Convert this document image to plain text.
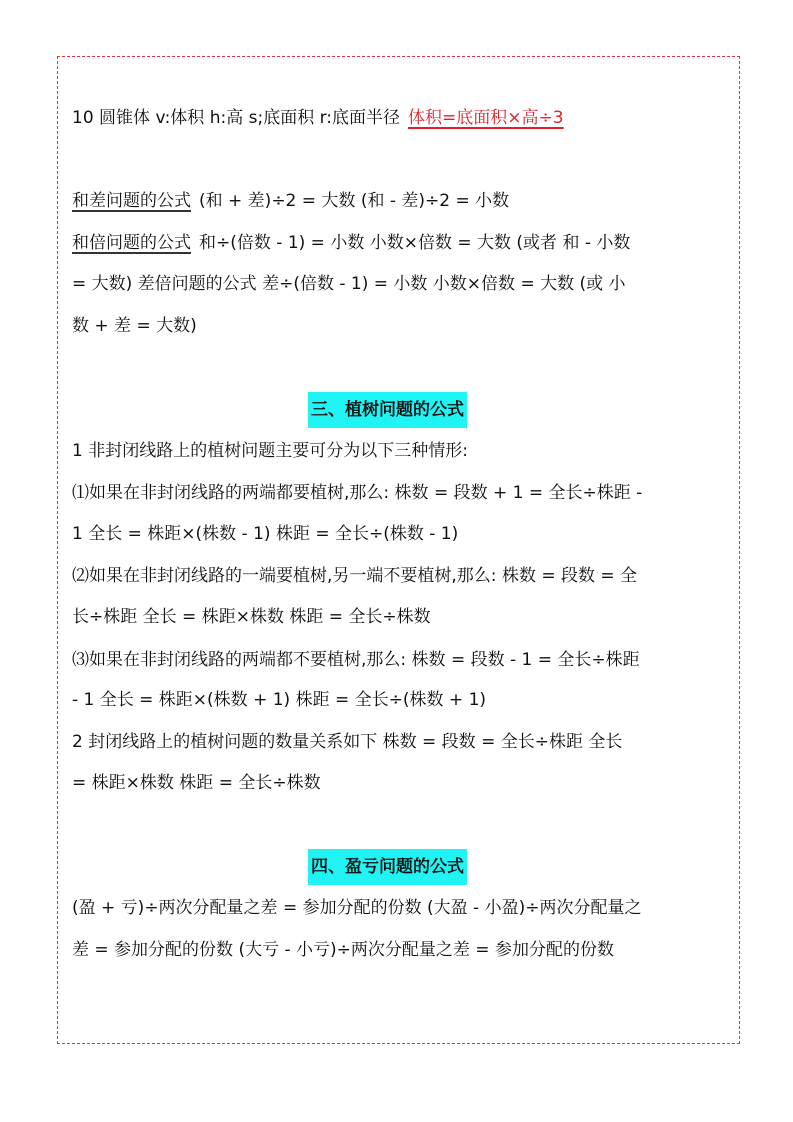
10 圆锥体 v:体积 h:高 s;底面积 r:底面半径 体积=底面积×高÷3
和差问题的公式 (和 + 差)÷2 = 大数 (和 - 差)÷2 = 小数
和倍问题的公式 和÷(倍数 - 1) = 小数 小数×倍数 = 大数 (或者 和 - 小数
= 大数) 差倍问题的公式 差÷(倍数 - 1) = 小数 小数×倍数 = 大数 (或 小
数 + 差 = 大数)
三、植树问题的公式
1 非封闭线路上的植树问题主要可分为以下三种情形:
⑴如果在非封闭线路的两端都要植树,那么: 株数 = 段数 + 1 = 全长÷株距 -
1 全长 = 株距×(株数 - 1) 株距 = 全长÷(株数 - 1)
⑵如果在非封闭线路的一端要植树,另一端不要植树,那么: 株数 = 段数 = 全
长÷株距 全长 = 株距×株数 株距 = 全长÷株数
⑶如果在非封闭线路的两端都不要植树,那么: 株数 = 段数 - 1 = 全长÷株距
- 1 全长 = 株距×(株数 + 1) 株距 = 全长÷(株数 + 1)
2 封闭线路上的植树问题的数量关系如下 株数 = 段数 = 全长÷株距 全长
= 株距×株数 株距 = 全长÷株数
四、盈亏问题的公式
(盈 + 亏)÷两次分配量之差 = 参加分配的份数 (大盈 - 小盈)÷两次分配量之
差 = 参加分配的份数 (大亏 - 小亏)÷两次分配量之差 = 参加分配的份数
